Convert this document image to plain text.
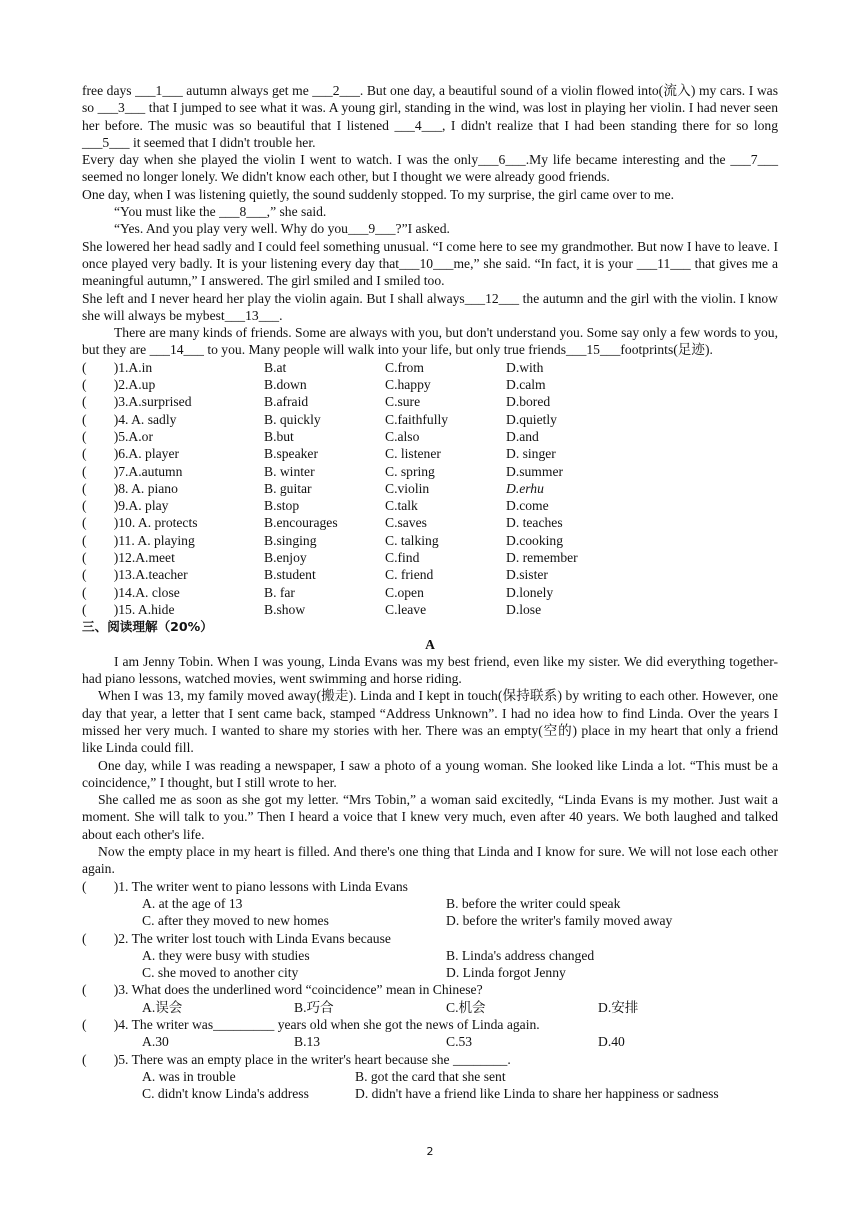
free days ___1___ autumn always get me ___2___. But one day, a beautiful sound of a violin flowed into(流入) my cars. I was so ___3___ that I jumped to see what it was. A young girl, standing in the wind, was lost in playing her violin. I had never seen her before. The music was so beautiful that I listened ___4___, I didn't realize that I had been standing there for so long ___5___ it seemed that I didn't trouble her.

Every day when she played the violin I went to watch. I was the only___6___.My life became interesting and the ___7___ seemed no longer lonely. We didn't know each other, but I thought we were already good friends.

One day, when I was listening quietly, the sound suddenly stopped. To my surprise, the girl came over to me.

“You must like the ___8___,” she said.

“Yes. And you play very well. Why do you___9___?”I asked.

She lowered her head sadly and I could feel something unusual. “I come here to see my grandmother. But now I have to leave. I once played very badly. It is your listening every day that___10___me,” she said. “In fact, it is your ___11___ that gives me a meaningful autumn,” I answered. The girl smiled and I smiled too.

She left and I never heard her play the violin again. But I shall always___12___ the autumn and the girl with the violin. I know she will always be mybest___13___.

There are many kinds of friends. Some are always with you, but don't understand you. Some say only a few words to you, but they are ___14___ to you. Many people will walk into your life, but only true friends___15___footprints(足迹).

(　　)1.A.in	B.at	C.from	D.with
(　　)2.A.up	B.down	C.happy	D.calm
(　　)3.A.surprised	B.afraid	C.sure	D.bored
(　　)4. A. sadly	B. quickly	C.faithfully	D.quietly
(　　)5.A.or	B.but	C.also	D.and
(　　)6.A. player	B.speaker	C. listener	D. singer
(　　)7.A.autumn	B. winter	C. spring	D.summer
(　　)8. A. piano	B. guitar	C.violin	D.erhu
(　　)9.A. play	B.stop	C.talk	D.come
(　　)10. A. protects	B.encourages	C.saves	D. teaches
(　　)11. A. playing	B.singing	C. talking	D.cooking
(　　)12.A.meet	B.enjoy	C.find	D. remember
(　　)13.A.teacher	B.student	C. friend	D.sister
(　　)14.A. close	B. far	C.open	D.lonely
(　　)15. A.hide	B.show	C.leave	D.lose

三、阅读理解（20%）

A

I am Jenny Tobin. When I was young, Linda Evans was my best friend, even like my sister. We did everything together-had piano lessons, watched movies, went swimming and horse riding.

When I was 13, my family moved away(搬走). Linda and I kept in touch(保持联系) by writing to each other. However, one day that year, a letter that I sent came back, stamped “Address Unknown”. I had no idea how to find Linda. Over the years I missed her very much. I wanted to share my stories with her. There was an empty(空的) place in my heart that only a friend like Linda could fill.

One day, while I was reading a newspaper, I saw a photo of a young woman. She looked like Linda a lot. “This must be a coincidence,” I thought, but I still wrote to her.

She called me as soon as she got my letter. “Mrs Tobin,” a woman said excitedly, “Linda Evans is my mother. Just wait a moment. She will talk to you.” Then I heard a voice that I knew very much, even after 40 years. We both laughed and talked about each other's life.

Now the empty place in my heart is filled. And there's one thing that Linda and I know for sure. We will not lose each other again.

(　　)1. The writer went to piano lessons with Linda Evans

A. at the age of 13	B. before the writer could speak
C. after they moved to new homes	D. before the writer's family moved away

(　　)2. The writer lost touch with Linda Evans because

A. they were busy with studies	B. Linda's address changed
C. she moved to another city	D. Linda forgot Jenny

(　　)3. What does the underlined word “coincidence” mean in Chinese?

A.误会	B.巧合	C.机会	D.安排

(　　)4. The writer was_________ years old when she got the news of Linda again.

A.30	B.13	C.53	D.40

(　　)5. There was an empty place in the writer's heart because she ________.

A. was in trouble	B. got the card that she sent
C. didn't know Linda's address	D. didn't have a friend like Linda to share her happiness or sadness
2
